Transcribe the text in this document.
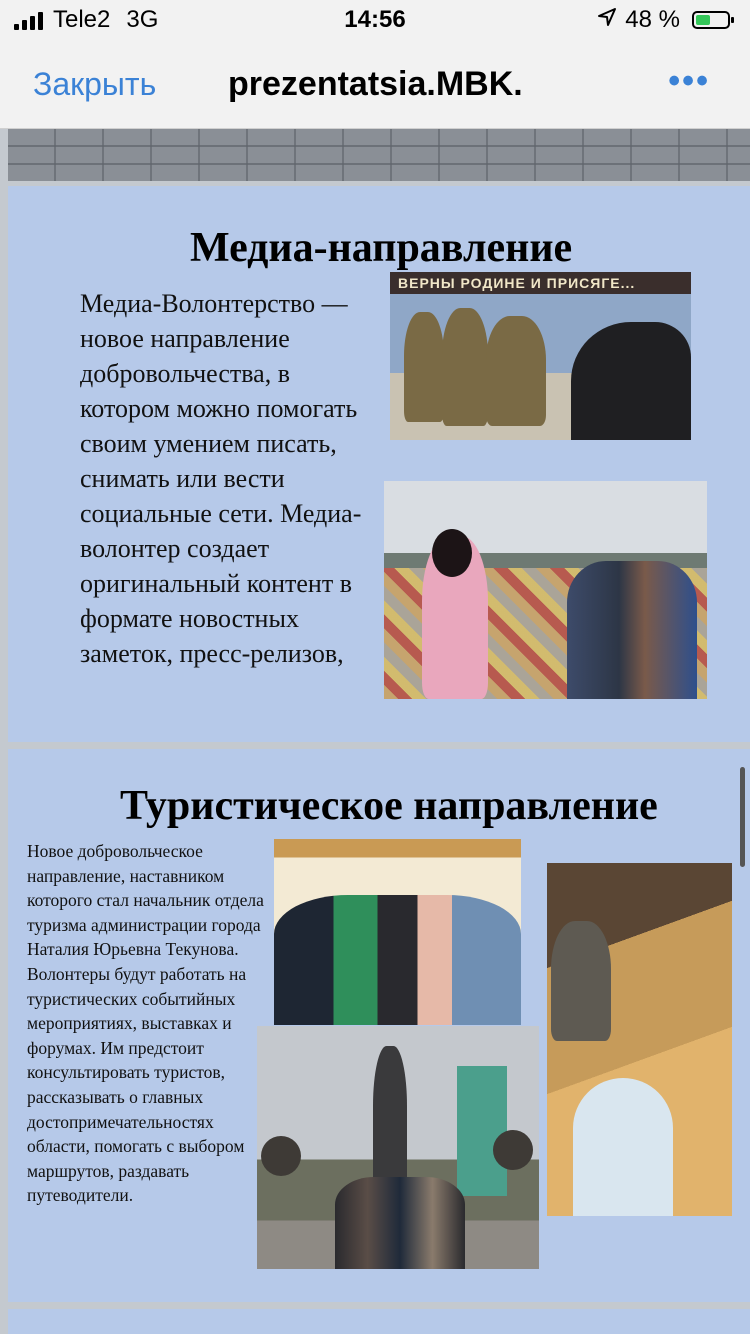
Tele2 3G	14:56	48 %
Закрыть prezentatsia.MBK.	•••
Медиа-направление
Медиа-Волонтерство — новое направление добровольчества, в котором можно помогать своим умением писать, снимать или вести социальные сети. Медиа-волонтер создает оригинальный контент в формате новостных заметок, пресс-релизов,
ВЕРНЫ РОДИНЕ И ПРИСЯГЕ...
Туристическое направление
Новое добровольческое направление, наставником которого стал начальник отдела туризма администрации города Наталия Юрьевна Текунова. Волонтеры будут работать на туристических событийных мероприятиях, выставках и форумах. Им предстоит консультировать туристов, рассказывать о главных достопримечательностях области, помогать с выбором маршрутов, раздавать путеводители.
